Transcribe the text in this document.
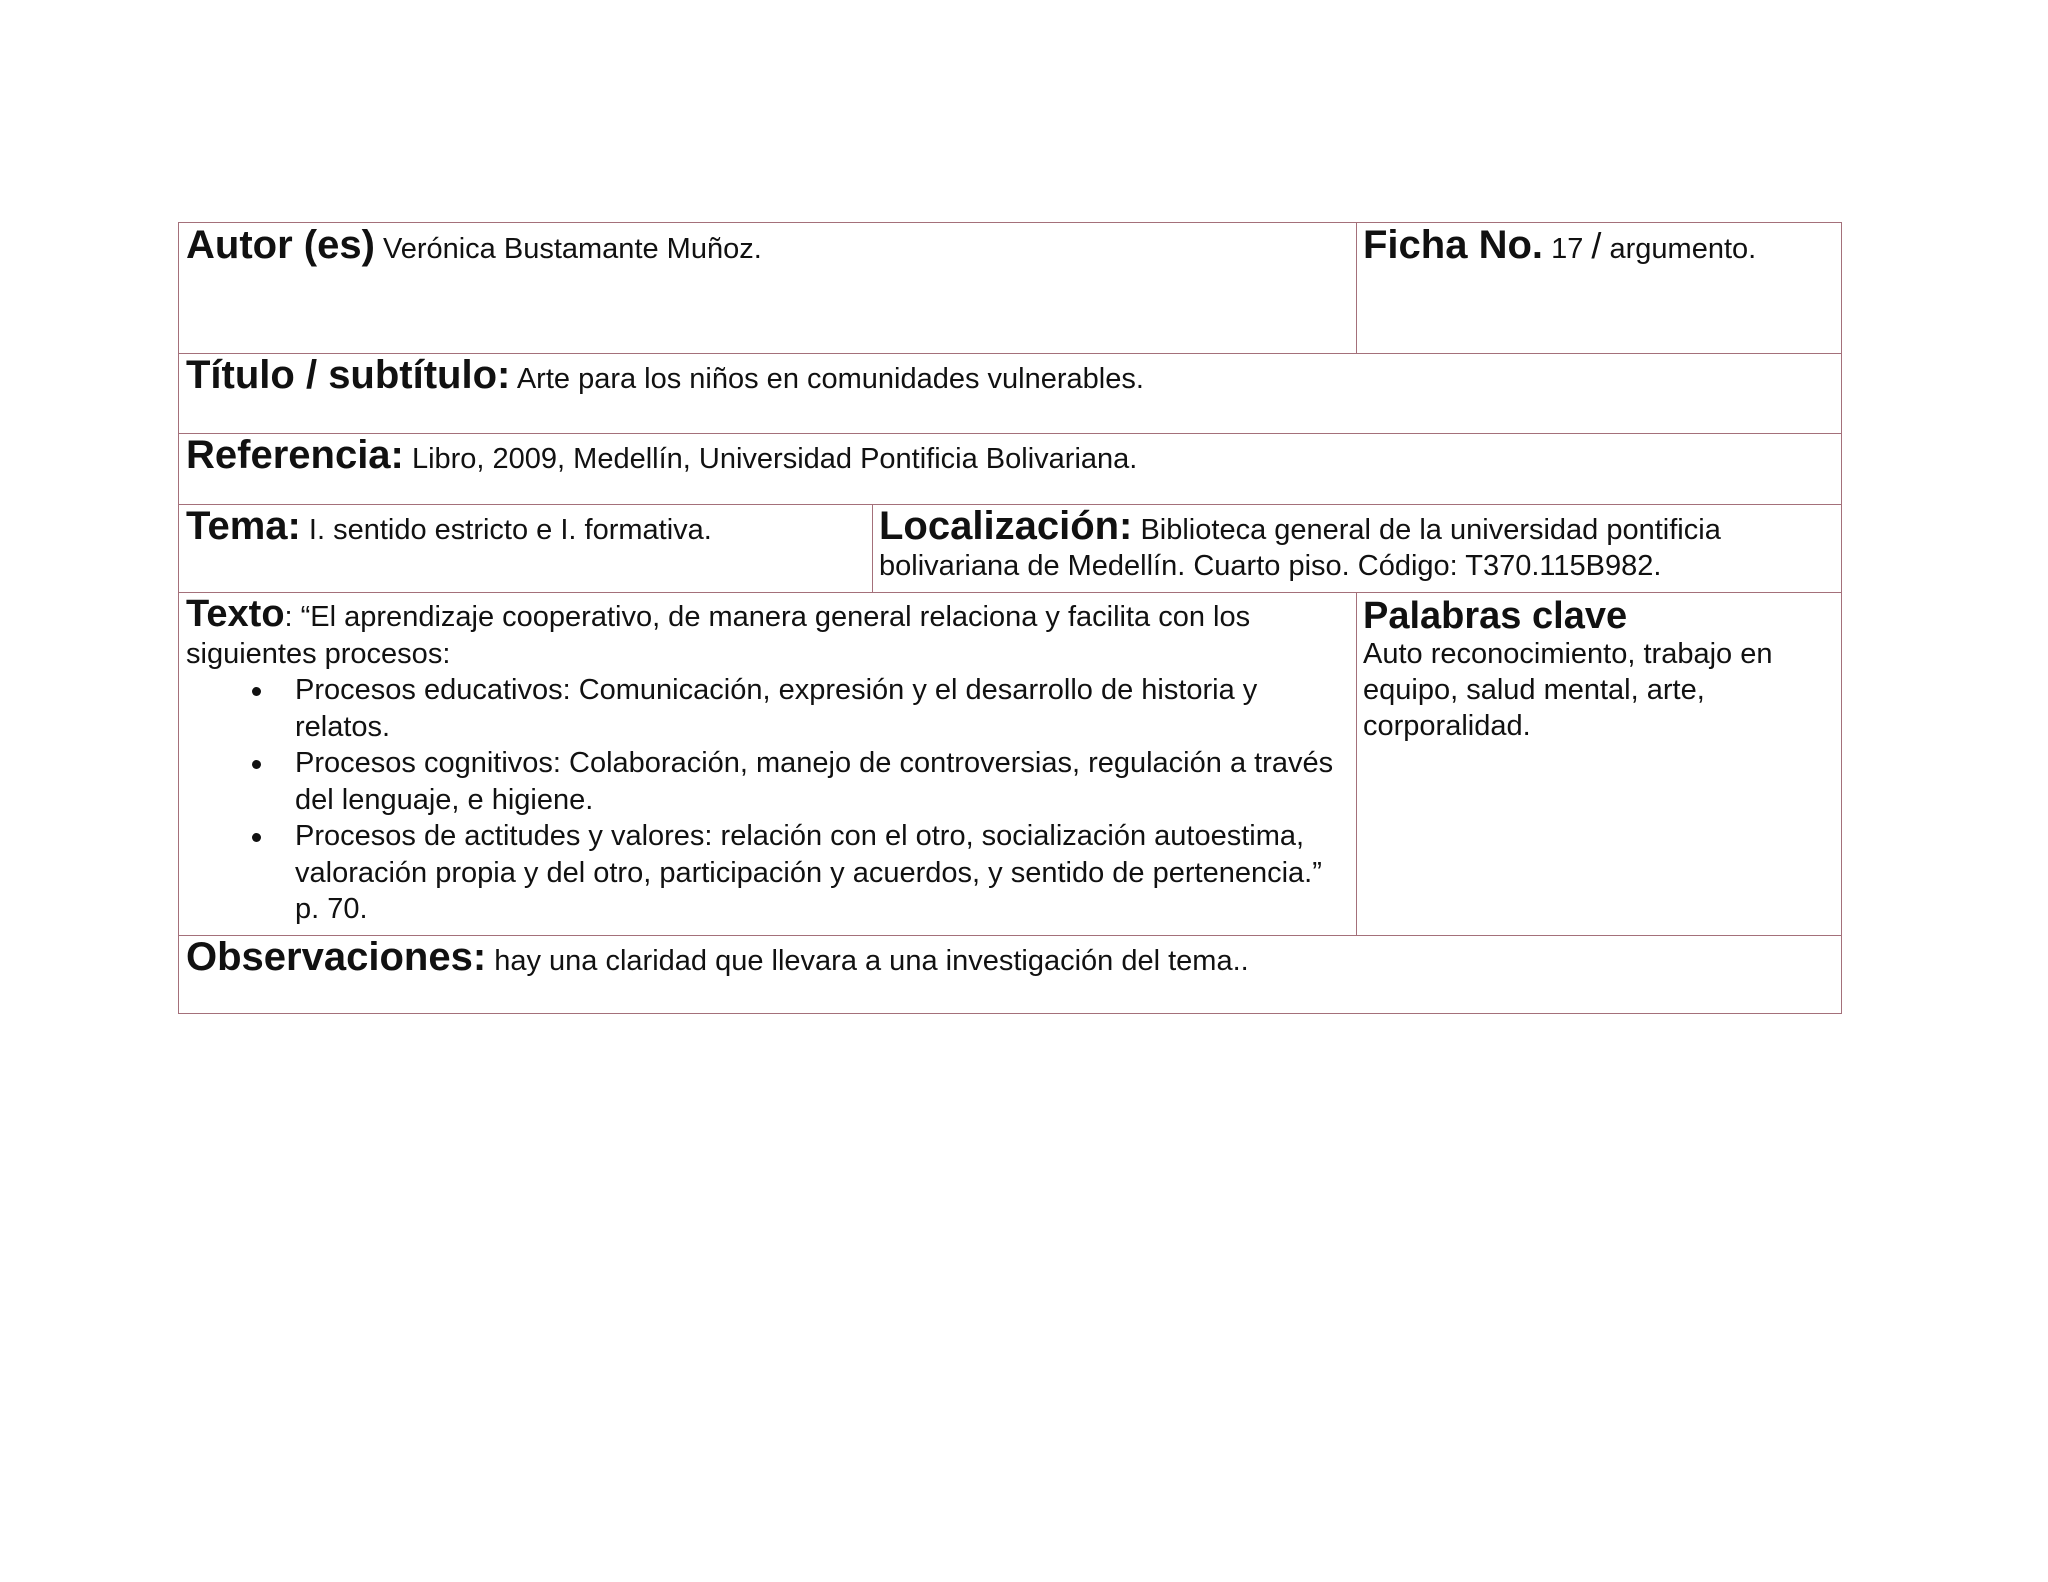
Autor (es) Verónica Bustamante Muñoz.	Ficha No. 17 / argumento.
Título / subtítulo: Arte para los niños en comunidades vulnerables.
Referencia: Libro, 2009, Medellín, Universidad Pontificia Bolivariana.
Tema: I. sentido estricto e I. formativa.	Localización: Biblioteca general de la universidad pontificia bolivariana de Medellín. Cuarto piso. Código: T370.115B982.
Texto: “El aprendizaje cooperativo, de manera general relaciona y facilita con los siguientes procesos:
Procesos educativos: Comunicación, expresión y el desarrollo de historia y relatos.
Procesos cognitivos: Colaboración, manejo de controversias, regulación a través del lenguaje, e higiene.
Procesos de actitudes y valores: relación con el otro, socialización autoestima, valoración propia y del otro, participación y acuerdos, y sentido de pertenencia.” p. 70.
Palabras clave
Auto reconocimiento, trabajo en equipo, salud mental, arte, corporalidad.
Observaciones: hay una claridad que llevara a una investigación del tema..
